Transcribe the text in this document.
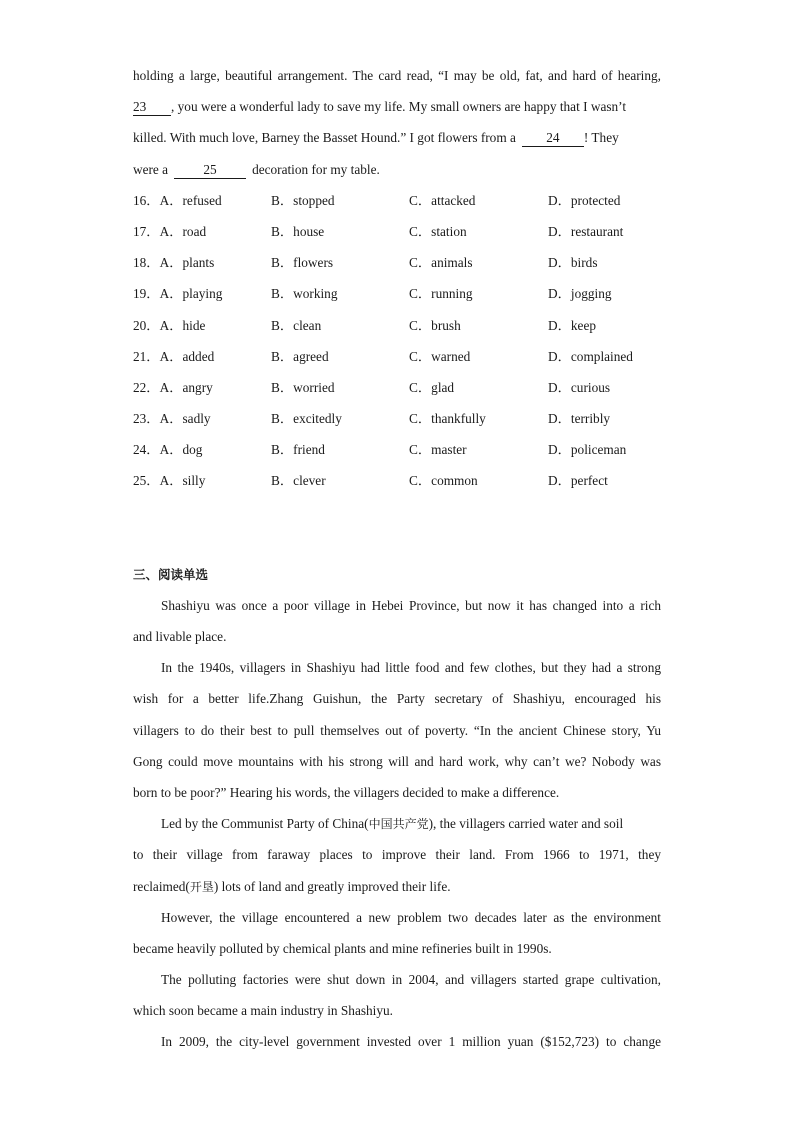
holding a large, beautiful arrangement. The card read, “I may be old, fat, and hard of hearing,
23 , you were a wonderful lady to save my life. My small owners are happy that I wasn’t
killed. With much love, Barney the Basset Hound.” I got flowers from a 24 ! They
were a	25	decoration for my table.
16．A．refused	B．stopped	C．attacked	D．protected
17．A．road	B．house	C．station	D．restaurant
18．A．plants	B．flowers	C．animals	D．birds
19．A．playing	B．working	C．running	D．jogging
20．A．hide	B．clean	C．brush	D．keep
21．A．added	B．agreed	C．warned	D．complained
22．A．angry	B．worried	C．glad	D．curious
23．A．sadly	B．excitedly	C．thankfully	D．terribly
24．A．dog	B．friend	C．master	D．policeman
25．A．silly	B．clever	C．common	D．perfect
三、阅读单选
Shashiyu was once a poor village in Hebei Province, but now it has changed into a rich
and livable place.
In the 1940s, villagers in Shashiyu had little food and few clothes, but they had a strong
wish for a better life.Zhang Guishun, the Party secretary of Shashiyu, encouraged his
villagers to do their best to pull themselves out of poverty. “In the ancient Chinese story, Yu
Gong could move mountains with his strong will and hard work, why can’t we? Nobody was
born to be poor?” Hearing his words, the villagers decided to make a difference.
Led by the Communist Party of China(中国共产党), the villagers carried water and soil
to their village from faraway places to improve their land. From 1966 to 1971, they
reclaimed(开垦) lots of land and greatly improved their life.
However, the village encountered a new problem two decades later as the environment
became heavily polluted by chemical plants and mine refineries built in 1990s.
The polluting factories were shut down in 2004, and villagers started grape cultivation,
which soon became a main industry in Shashiyu.
In 2009, the city-level government invested over 1 million yuan ($152,723) to change
